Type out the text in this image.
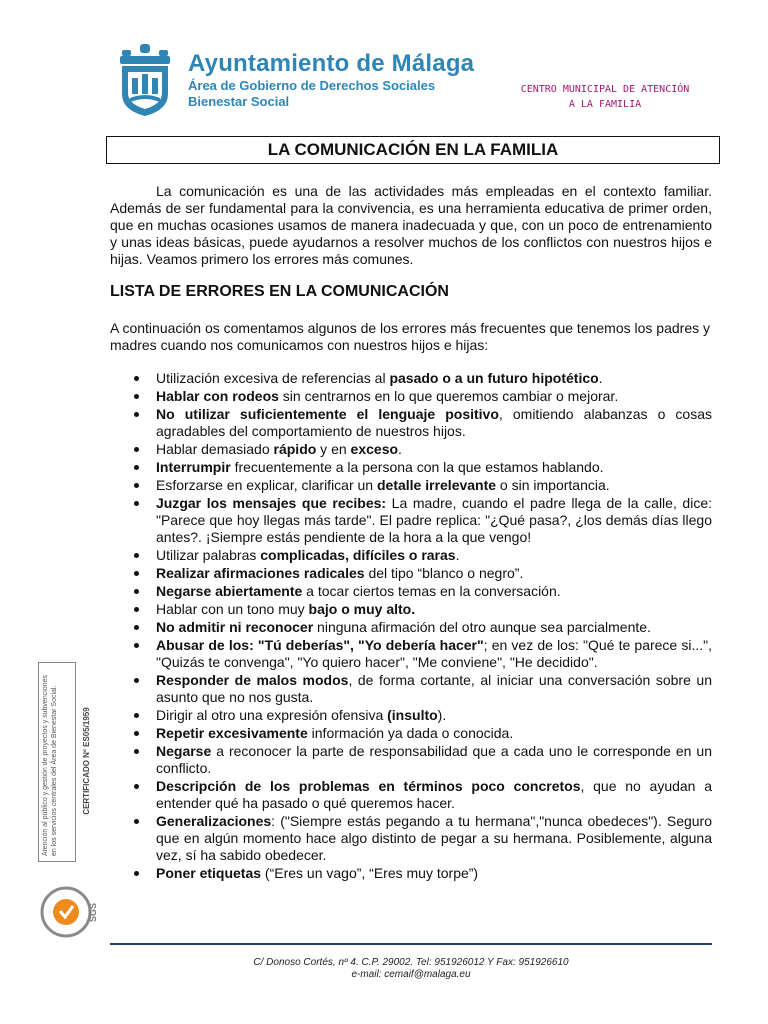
Ayuntamiento de Málaga
Área de Gobierno de Derechos Sociales
Bienestar Social
CENTRO MUNICIPAL DE ATENCIÓN
A LA FAMILIA
LA COMUNICACIÓN EN LA FAMILIA
La comunicación es una de las actividades más empleadas en el contexto familiar. Además de ser fundamental para la convivencia, es una herramienta educativa de primer orden, que en muchas ocasiones usamos de manera inadecuada y que, con un poco de entrenamiento y unas ideas básicas, puede ayudarnos a resolver muchos de los conflictos con nuestros hijos e hijas. Veamos primero los errores más comunes.
LISTA DE ERRORES EN LA COMUNICACIÓN
A continuación os comentamos algunos de los errores más frecuentes que tenemos los padres y madres cuando nos comunicamos con nuestros hijos e hijas:
Utilización excesiva de referencias al pasado o a un futuro hipotético.
Hablar con rodeos sin centrarnos en lo que queremos cambiar o mejorar.
No utilizar suficientemente el lenguaje positivo, omitiendo alabanzas o cosas agradables del comportamiento de nuestros hijos.
Hablar demasiado rápido y en exceso.
Interrumpir frecuentemente a la persona con la que estamos hablando.
Esforzarse en explicar, clarificar un detalle irrelevante o sin importancia.
Juzgar los mensajes que recibes: La madre, cuando el padre llega de la calle, dice: "Parece que hoy llegas más tarde". El padre replica: "¿Qué pasa?, ¿los demás días llego antes?. ¡Siempre estás pendiente de la hora a la que vengo!
Utilizar palabras complicadas, difíciles o raras.
Realizar afirmaciones radicales del tipo “blanco o negro”.
Negarse abiertamente a tocar ciertos temas en la conversación.
Hablar con un tono muy bajo o muy alto.
No admitir ni reconocer ninguna afirmación del otro aunque sea parcialmente.
Abusar de los: "Tú deberías", "Yo debería hacer"; en vez de los: "Qué te parece si...", "Quizás te convenga", "Yo quiero hacer", "Me conviene", "He decidido".
Responder de malos modos, de forma cortante, al iniciar una conversación sobre un asunto que no nos gusta.
Dirigir al otro una expresión ofensiva (insulto).
Repetir excesivamente información ya dada o conocida.
Negarse a reconocer la parte de responsabilidad que a cada uno le corresponde en un conflicto.
Descripción de los problemas en términos poco concretos, que no ayudan a entender qué ha pasado o qué queremos hacer.
Generalizaciones: ("Siempre estás pegando a tu hermana","nunca obedeces"). Seguro que en algún momento hace algo distinto de pegar a su hermana. Posiblemente, alguna vez, sí ha sabido obedecer.
Poner etiquetas (“Eres un vago”, “Eres muy torpe”)
Atención al público y gestión de proyectos y subvenciones en los servicios centrales del Área de Bienestar Social.	CERTIFICADO Nº ES05/1959
SGS
C/ Donoso Cortés, nº 4. C.P. 29002. Tel: 951926012 Y Fax: 951926610
e-mail: cemaif@malaga.eu
